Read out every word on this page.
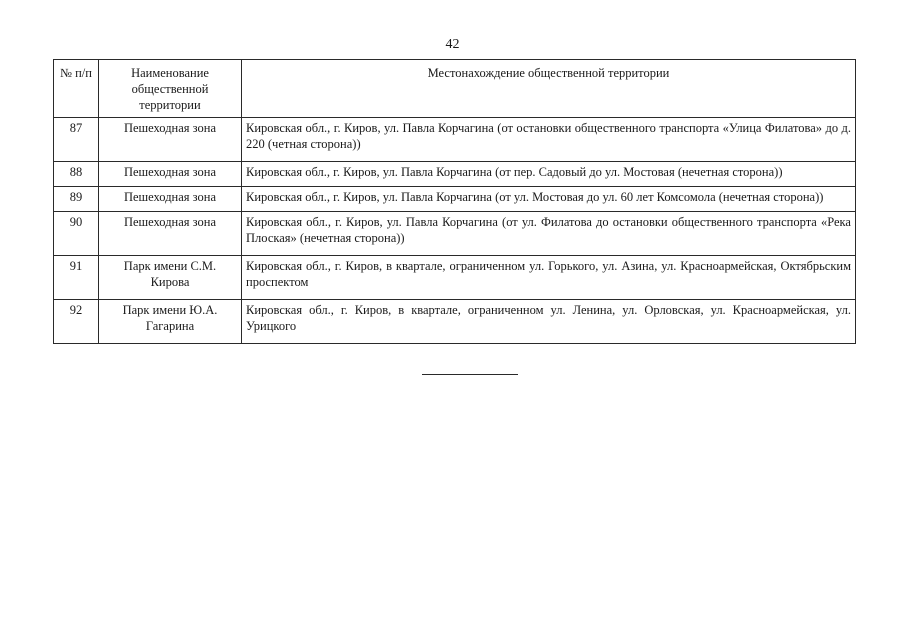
42
№ п/п	Наименование общественной территории	Местонахождение общественной территории
87	Пешеходная зона	Кировская обл., г. Киров, ул. Павла Корчагина (от остановки общественного транспорта «Улица Филатова» до д. 220 (четная сторона))
88	Пешеходная зона	Кировская обл., г. Киров, ул. Павла Корчагина (от пер. Садовый до ул. Мостовая (нечетная сторона))
89	Пешеходная зона	Кировская обл., г. Киров, ул. Павла Корчагина (от ул. Мостовая до ул. 60 лет Комсомола (нечетная сторона))
90	Пешеходная зона	Кировская обл., г. Киров, ул. Павла Корчагина (от ул. Филатова до остановки общественного транспорта «Река Плоская» (нечетная сторона))
91	Парк имени С.М. Кирова	Кировская обл., г. Киров, в квартале, ограниченном ул. Горького, ул. Азина, ул. Красноармейская, Октябрьским проспектом
92	Парк имени Ю.А. Гагарина	Кировская обл., г. Киров, в квартале, ограниченном ул. Ленина, ул. Орловская, ул. Красноармейская, ул. Урицкого
